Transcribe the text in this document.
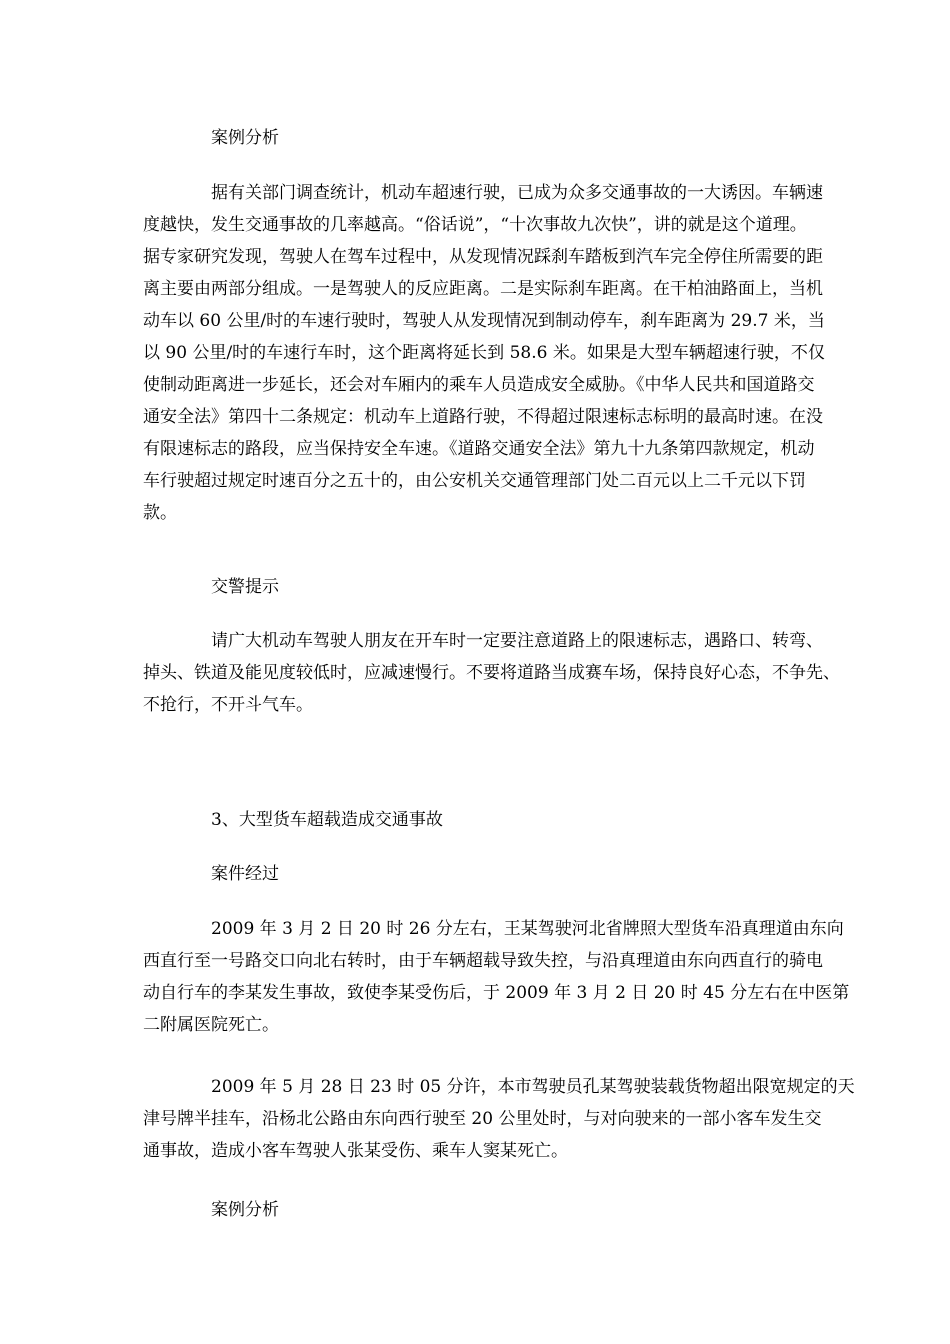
案例分析

据有关部门调查统计，机动车超速行驶，已成为众多交通事故的一大诱因。车辆速
度越快，发生交通事故的几率越高。“俗话说”，“十次事故九次快”，讲的就是这个道理。
据专家研究发现，驾驶人在驾车过程中，从发现情况踩刹车踏板到汽车完全停住所需要的距
离主要由两部分组成。一是驾驶人的反应距离。二是实际刹车距离。在干柏油路面上，当机
动车以 60 公里/时的车速行驶时，驾驶人从发现情况到制动停车，刹车距离为 29.7 米，当
以 90 公里/时的车速行车时，这个距离将延长到 58.6 米。如果是大型车辆超速行驶，不仅
使制动距离进一步延长，还会对车厢内的乘车人员造成安全威胁。《中华人民共和国道路交
通安全法》第四十二条规定：机动车上道路行驶，不得超过限速标志标明的最高时速。在没
有限速标志的路段，应当保持安全车速。《道路交通安全法》第九十九条第四款规定，机动
车行驶超过规定时速百分之五十的，由公安机关交通管理部门处二百元以上二千元以下罚
款。

交警提示

请广大机动车驾驶人朋友在开车时一定要注意道路上的限速标志，遇路口、转弯、
掉头、铁道及能见度较低时，应减速慢行。不要将道路当成赛车场，保持良好心态，不争先、
不抢行，不开斗气车。

3、大型货车超载造成交通事故

案件经过

2009 年 3 月 2 日 20 时 26 分左右，王某驾驶河北省牌照大型货车沿真理道由东向
西直行至一号路交口向北右转时，由于车辆超载导致失控，与沿真理道由东向西直行的骑电
动自行车的李某发生事故，致使李某受伤后，于 2009 年 3 月 2 日 20 时 45 分左右在中医第
二附属医院死亡。
2009 年 5 月 28 日 23 时 05 分许，本市驾驶员孔某驾驶装载货物超出限宽规定的天
津号牌半挂车，沿杨北公路由东向西行驶至 20 公里处时，与对向驶来的一部小客车发生交
通事故，造成小客车驾驶人张某受伤、乘车人窦某死亡。

案例分析
